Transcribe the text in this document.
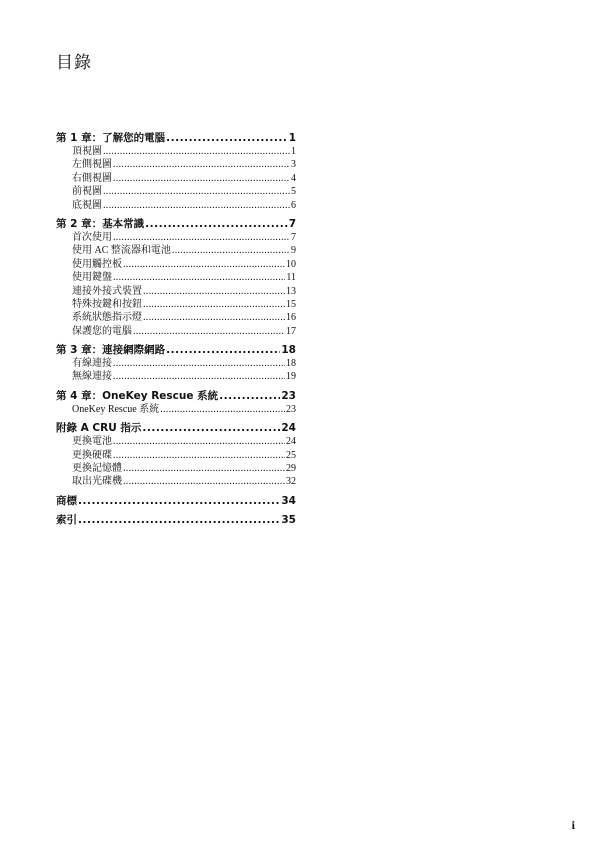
目錄
第 1 章：了解您的電腦 .....	1
頂視圖 .....	1
左側視圖 .....	3
右側視圖 .....	4
前視圖 .....	5
底視圖 .....	6
第 2 章：基本常識 .....	7
首次使用 .....	7
使用 AC 整流器和電池 .....	9
使用觸控板 .....	10
使用鍵盤 .....	11
連接外接式裝置 .....	13
特殊按鍵和按鈕 .....	15
系統狀態指示燈 .....	16
保護您的電腦 .....	17
第 3 章：連接網際網路 .....	18
有線連接 .....	18
無線連接 .....	19
第 4 章：OneKey Rescue 系統 .....	23
OneKey Rescue 系統 .....	23
附錄 A CRU 指示 .....	24
更換電池 .....	24
更換硬碟 .....	25
更換記憶體 .....	29
取出光碟機 .....	32
商標 .....	34
索引 .....	35
i
